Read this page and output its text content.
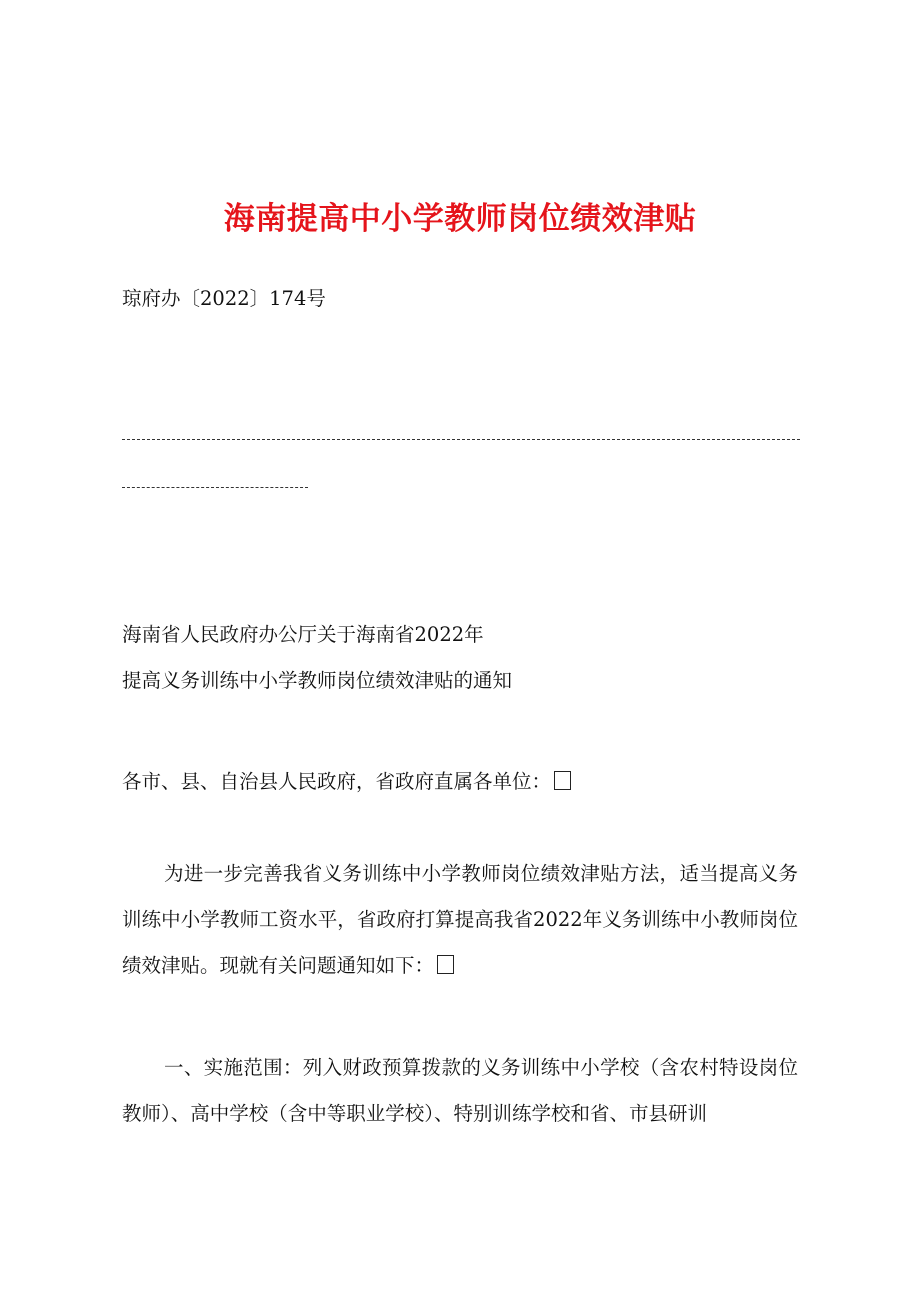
海南提高中小学教师岗位绩效津贴
琼府办〔2022〕174号
海南省人民政府办公厅关于海南省2022年
提高义务训练中小学教师岗位绩效津贴的通知
各市、县、自治县人民政府，省政府直属各单位：
为进一步完善我省义务训练中小学教师岗位绩效津贴方法，适当提高义务训练中小学教师工资水平，省政府打算提高我省2022年义务训练中小教师岗位绩效津贴。现就有关问题通知如下：
一、实施范围：列入财政预算拨款的义务训练中小学校（含农村特设岗位教师）、高中学校（含中等职业学校）、特别训练学校和省、市县研训
